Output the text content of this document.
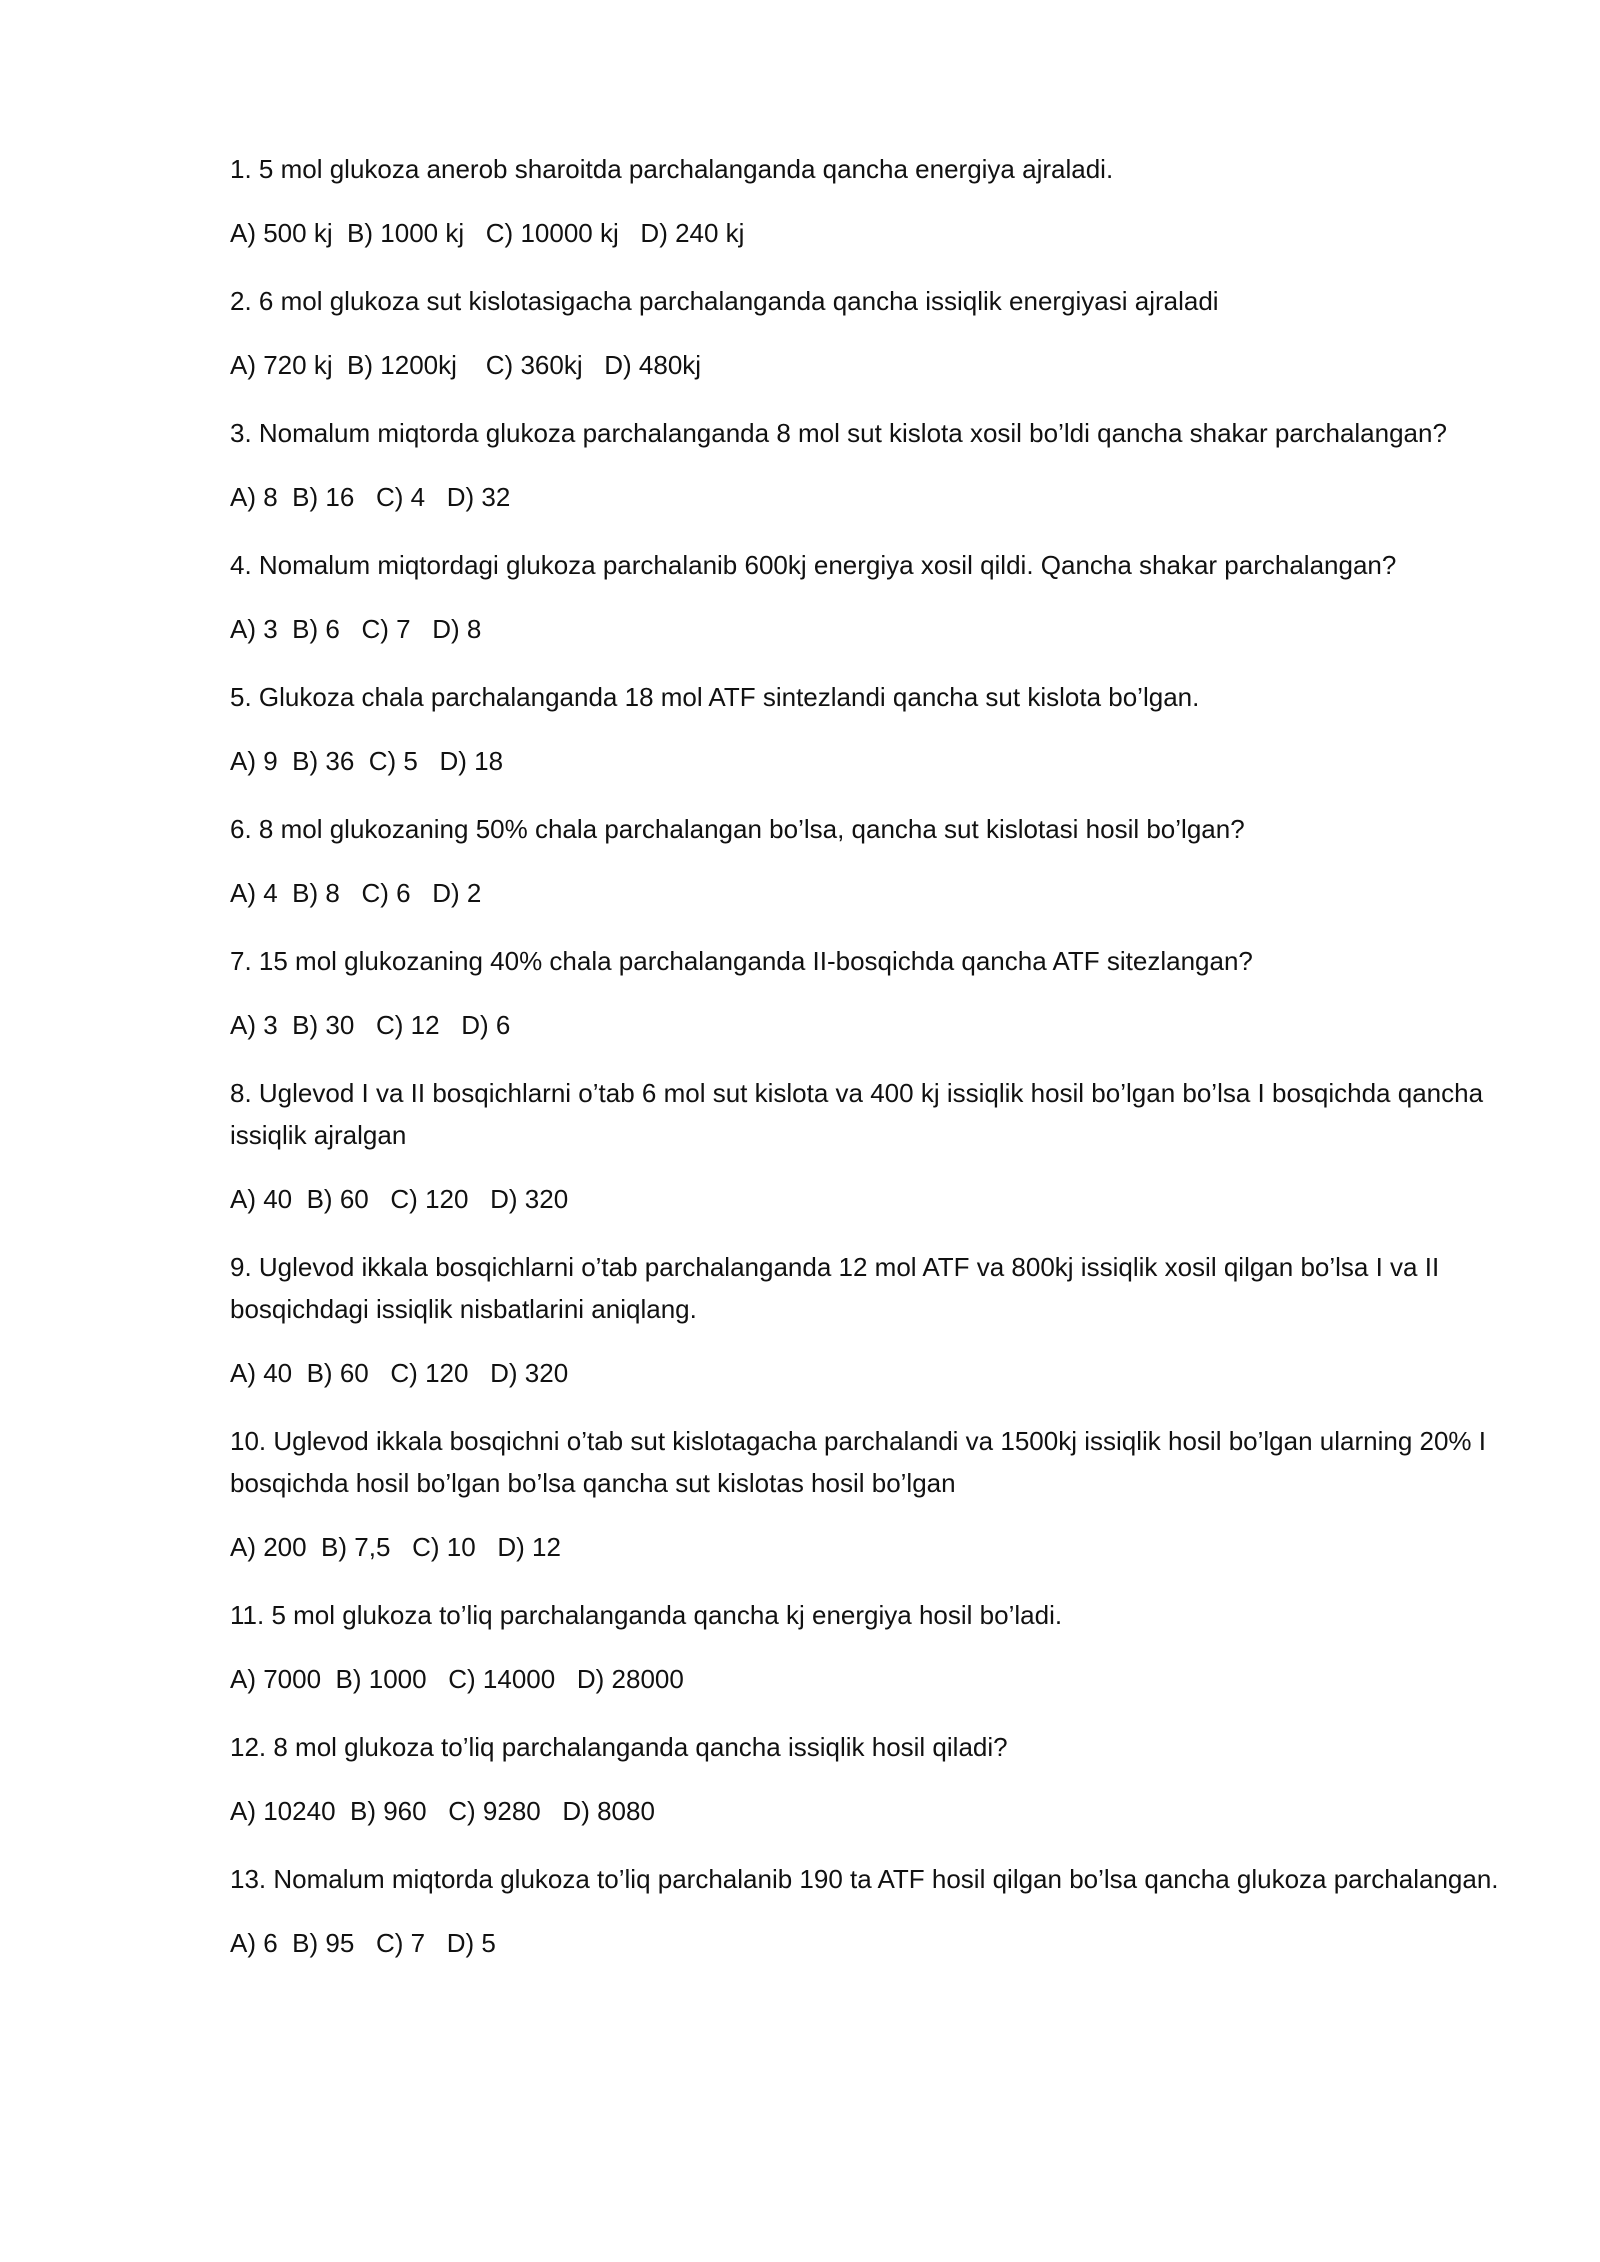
1. 5 mol glukoza anerob sharoitda parchalanganda qancha energiya ajraladi.

A) 500 kj  B) 1000 kj   C) 10000 kj   D) 240 kj

2. 6 mol glukoza sut kislotasigacha parchalanganda qancha issiqlik energiyasi ajraladi

A) 720 kj  B) 1200kj    C) 360kj   D) 480kj

3. Nomalum miqtorda glukoza parchalanganda 8 mol sut kislota xosil bo’ldi qancha shakar parchalangan?

A) 8  B) 16   C) 4   D) 32

4. Nomalum miqtordagi glukoza parchalanib 600kj energiya xosil qildi. Qancha shakar parchalangan?

A) 3  B) 6   C) 7   D) 8

5. Glukoza chala parchalanganda 18 mol ATF sintezlandi qancha sut kislota bo’lgan.

A) 9  B) 36  C) 5   D) 18

6. 8 mol glukozaning 50% chala parchalangan bo’lsa, qancha sut kislotasi hosil bo’lgan?

A) 4  B) 8   C) 6   D) 2

7. 15 mol glukozaning 40% chala parchalanganda II-bosqichda qancha ATF sitezlangan?

A) 3  B) 30   C) 12   D) 6

8. Uglevod I va II bosqichlarni o’tab 6 mol sut kislota va 400 kj issiqlik hosil bo’lgan bo’lsa I bosqichda qancha issiqlik ajralgan

A) 40  B) 60   C) 120   D) 320

9. Uglevod ikkala bosqichlarni o’tab parchalanganda 12 mol ATF va 800kj issiqlik xosil qilgan bo’lsa I va II bosqichdagi issiqlik nisbatlarini aniqlang.

A) 40  B) 60   C) 120   D) 320

10. Uglevod ikkala bosqichni o’tab sut kislotagacha parchalandi va 1500kj issiqlik hosil bo’lgan ularning 20% I bosqichda hosil bo’lgan bo’lsa qancha sut kislotas hosil bo’lgan

A) 200  B) 7,5   C) 10   D) 12

11. 5 mol glukoza to’liq parchalanganda qancha kj energiya hosil bo’ladi.

A) 7000  B) 1000   C) 14000   D) 28000

12. 8 mol glukoza to’liq parchalanganda qancha issiqlik hosil qiladi?

A) 10240  B) 960   C) 9280   D) 8080

13. Nomalum miqtorda glukoza to’liq parchalanib 190 ta ATF hosil qilgan bo’lsa qancha glukoza parchalangan.

A) 6  B) 95   C) 7   D) 5
